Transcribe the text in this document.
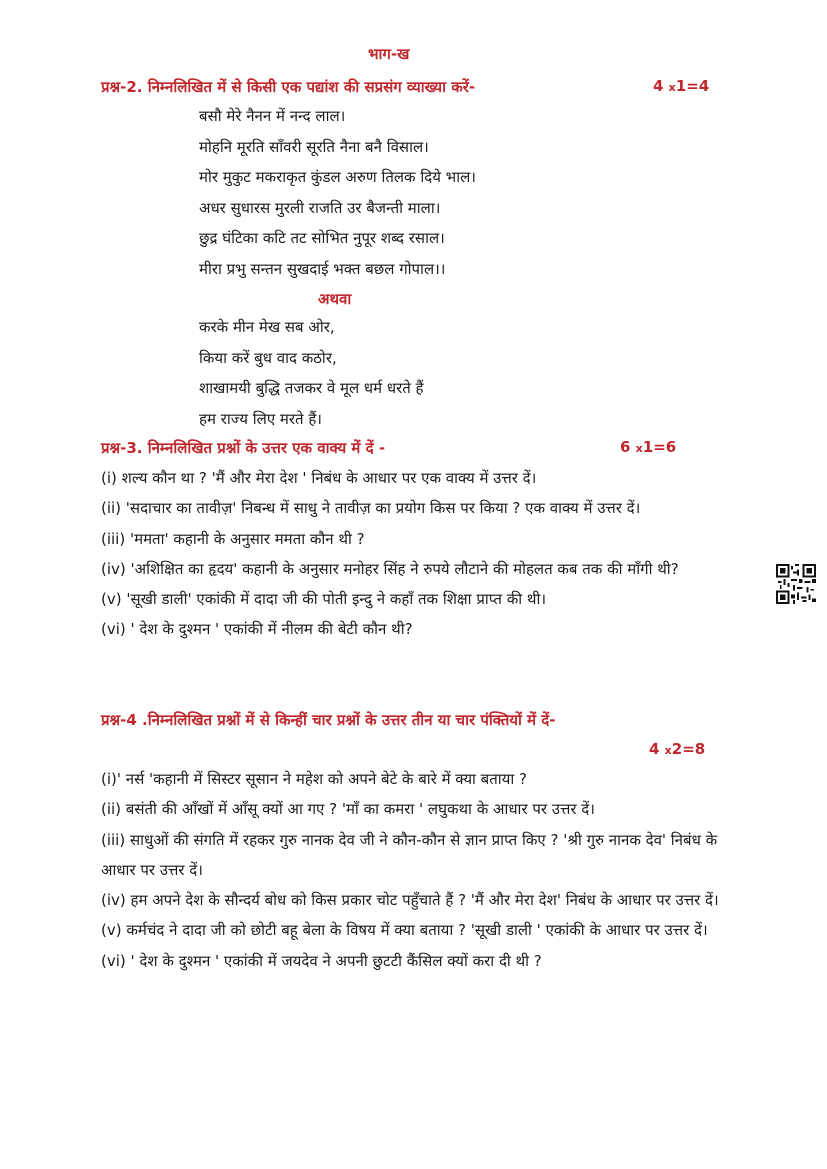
भाग-ख
प्रश्न-2. निम्नलिखित में से किसी एक पद्यांश की सप्रसंग व्याख्या करें-	4 x1=4
बसौ मेरे नैनन में नन्द लाल।
मोहनि मूरति साँवरी सूरति नैना बनै विसाल।
मोर मुकुट मकराकृत कुंडल अरुण तिलक दिये भाल।
अधर सुधारस मुरली राजति उर बैजन्ती माला।
छुद्र घंटिका कटि तट सोभित नुपूर शब्द रसाल।
मीरा प्रभु सन्तन सुखदाई भक्त बछल गोपाल।।
अथवा
करके मीन मेख सब ओर,
किया करें बुध वाद कठोर,
शाखामयी बुद्धि तजकर वे मूल धर्म धरते हैं
हम राज्य लिए मरते हैं।
प्रश्न-3. निम्नलिखित प्रश्नों के उत्तर एक वाक्य में दें -	6 x1=6
(i) शल्य कौन था ? 'मैं और मेरा देश ' निबंध के आधार पर एक वाक्य में उत्तर दें।
(ii) 'सदाचार का तावीज़' निबन्ध में साधु ने तावीज़ का प्रयोग किस पर किया ? एक वाक्य में उत्तर दें।
(iii) 'ममता' कहानी के अनुसार ममता कौन थी ?
(iv) 'अशिक्षित का हृदय' कहानी के अनुसार मनोहर सिंह ने रुपये लौटाने की मोहलत कब तक की माँगी थी?
(v) 'सूखी डाली' एकांकी में दादा जी की पोती इन्दु ने कहाँ तक शिक्षा प्राप्त की थी।
(vi) ' देश के दुश्मन ' एकांकी में नीलम की बेटी कौन थी?
प्रश्न-4 .निम्नलिखित प्रश्नों में से किन्हीं चार प्रश्नों के उत्तर तीन या चार पंक्तियों में दें-
4 x2=8
(i)' नर्स 'कहानी में सिस्टर सूसान ने महेश को अपने बेटे के बारे में क्या बताया ?
(ii) बसंती की आँखों में आँसू क्यों आ गए ? 'माँ का कमरा ' लघुकथा के आधार पर उत्तर दें।
(iii) साधुओं की संगति में रहकर गुरु नानक देव जी ने कौन-कौन से ज्ञान प्राप्त किए ? 'श्री गुरु नानक देव' निबंध के आधार पर उत्तर दें।
(iv) हम अपने देश के सौन्दर्य बोध को किस प्रकार चोट पहुँचाते हैं ? 'मैं और मेरा देश' निबंध के आधार पर उत्तर दें।
(v) कर्मचंद ने दादा जी को छोटी बहू बेला के विषय में क्या बताया ? 'सूखी डाली ' एकांकी के आधार पर उत्तर दें।
(vi) ' देश के दुश्मन ' एकांकी में जयदेव ने अपनी छुटटी कैंसिल क्यों करा दी थी ?
